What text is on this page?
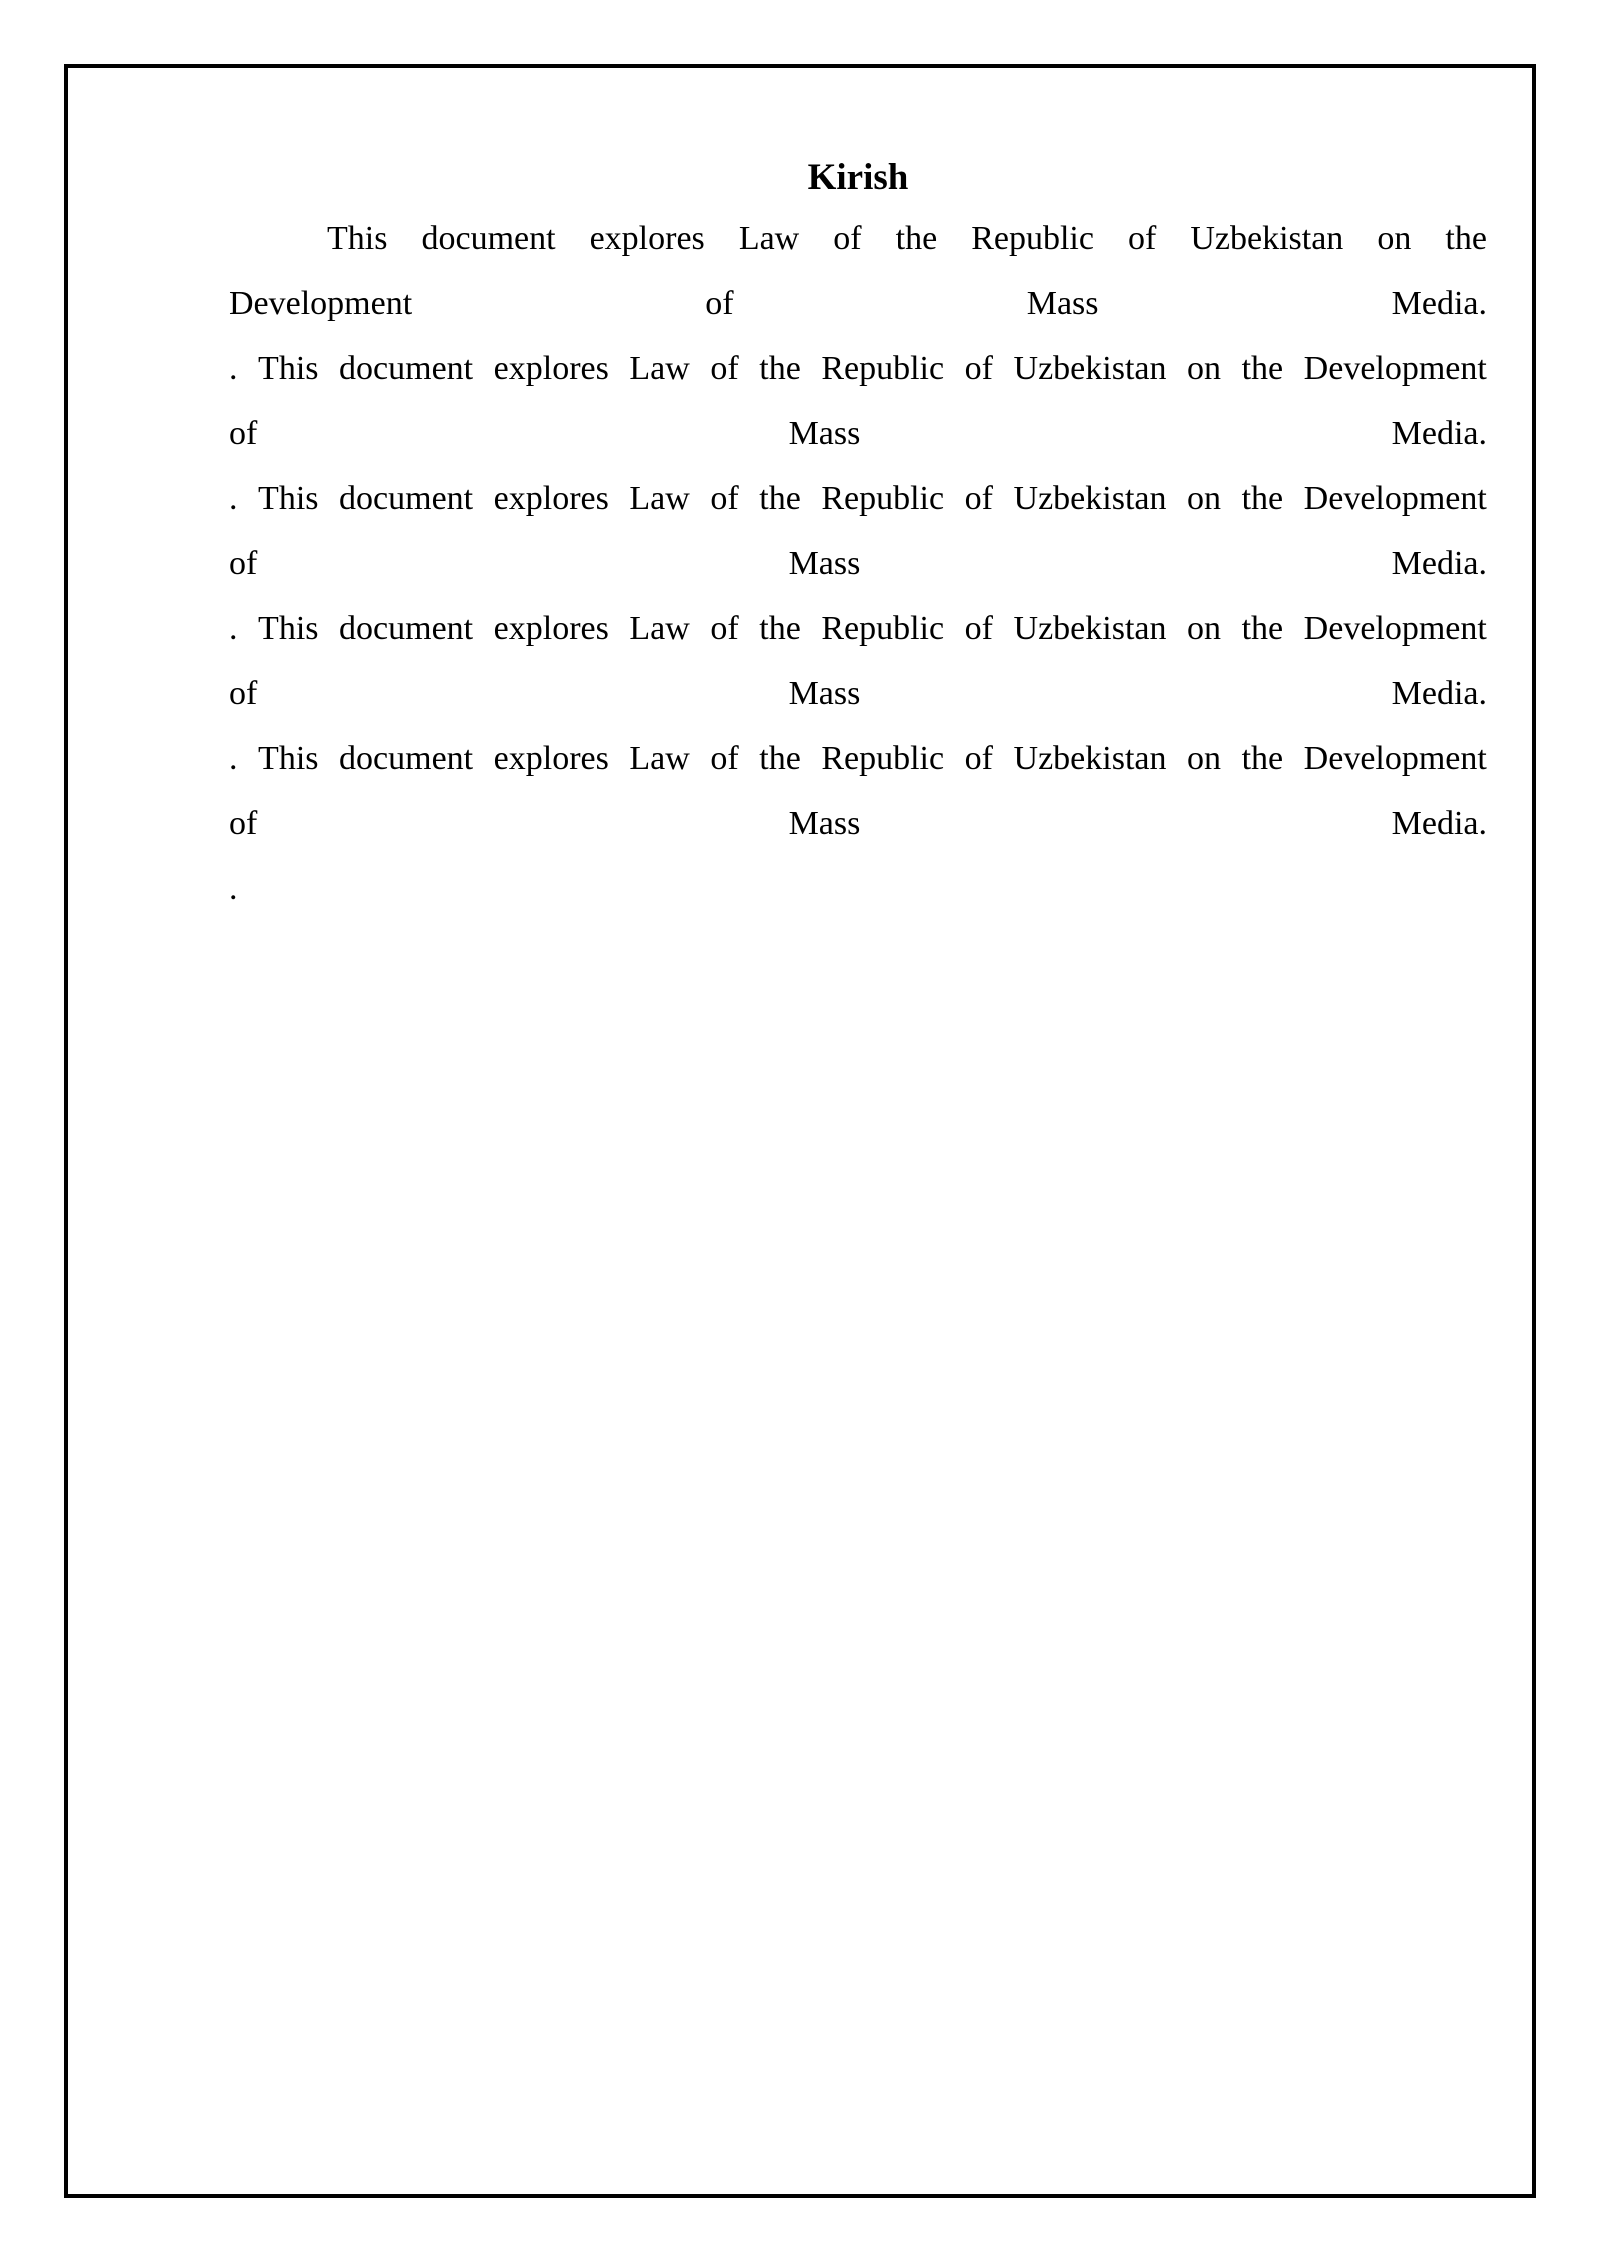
Kirish
This document explores Law of the Republic of Uzbekistan on the
Development	of	Mass	Media.
. This document explores Law of the Republic of Uzbekistan on the Development
of	Mass	Media.
. This document explores Law of the Republic of Uzbekistan on the Development
of	Mass	Media.
. This document explores Law of the Republic of Uzbekistan on the Development
of	Mass	Media.
. This document explores Law of the Republic of Uzbekistan on the Development
of	Mass	Media.
.
